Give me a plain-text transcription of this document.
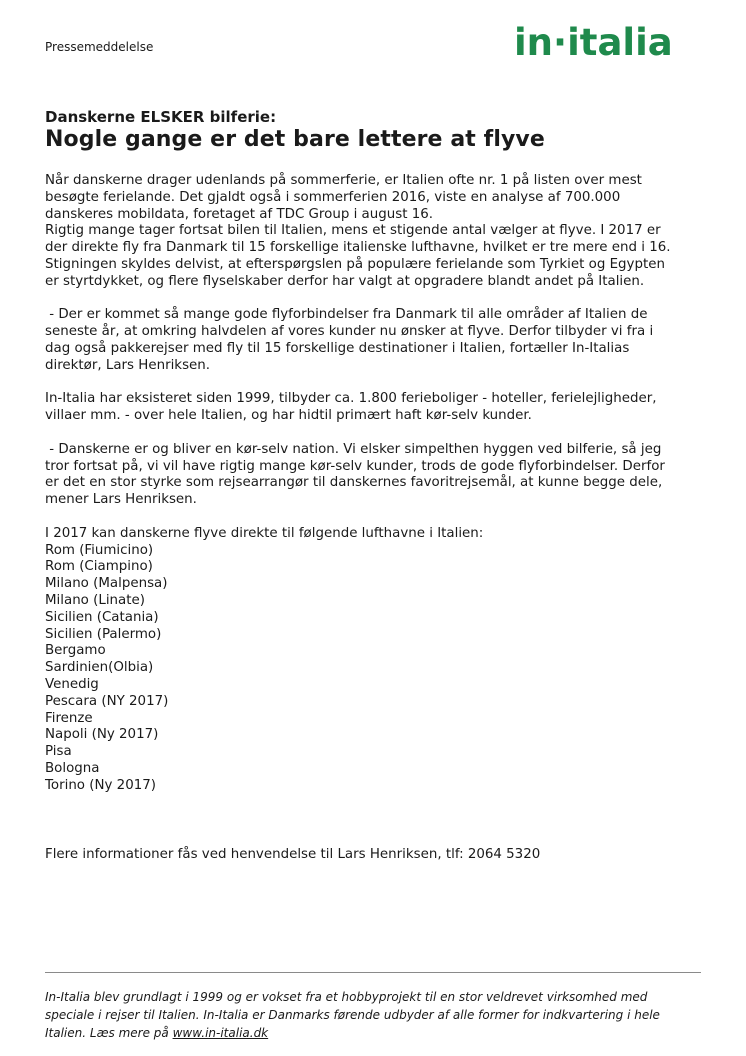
Pressemeddelelse	in·italia
Danskerne ELSKER bilferie:
Nogle gange er det bare lettere at flyve

Når danskerne drager udenlands på sommerferie, er Italien ofte nr. 1 på listen over mest
besøgte ferielande. Det gjaldt også i sommerferien 2016, viste en analyse af 700.000
danskeres mobildata, foretaget af TDC Group i august 16.
Rigtig mange tager fortsat bilen til Italien, mens et stigende antal vælger at flyve. I 2017 er
der direkte fly fra Danmark til 15 forskellige italienske lufthavne, hvilket er tre mere end i 16.
Stigningen skyldes delvist, at efterspørgslen på populære ferielande som Tyrkiet og Egypten
er styrtdykket, og flere flyselskaber derfor har valgt at opgradere blandt andet på Italien.

- Der er kommet så mange gode flyforbindelser fra Danmark til alle områder af Italien de
seneste år, at omkring halvdelen af vores kunder nu ønsker at flyve. Derfor tilbyder vi fra i
dag også pakkerejser med fly til 15 forskellige destinationer i Italien, fortæller In-Italias
direktør, Lars Henriksen.

In-Italia har eksisteret siden 1999, tilbyder ca. 1.800 ferieboliger - hoteller, ferielejligheder,
villaer mm. - over hele Italien, og har hidtil primært haft kør-selv kunder.

- Danskerne er og bliver en kør-selv nation. Vi elsker simpelthen hyggen ved bilferie, så jeg
tror fortsat på, vi vil have rigtig mange kør-selv kunder, trods de gode flyforbindelser. Derfor
er det en stor styrke som rejsearrangør til danskernes favoritrejsemål, at kunne begge dele,
mener Lars Henriksen.

I 2017 kan danskerne flyve direkte til følgende lufthavne i Italien:
Rom (Fiumicino)
Rom (Ciampino)
Milano (Malpensa)
Milano (Linate)
Sicilien (Catania)
Sicilien (Palermo)
Bergamo
Sardinien(Olbia)
Venedig
Pescara (NY 2017)
Firenze
Napoli (Ny 2017)
Pisa
Bologna
Torino (Ny 2017)
Flere informationer fås ved henvendelse til Lars Henriksen, tlf: 2064 5320
In-Italia blev grundlagt i 1999 og er vokset fra et hobbyprojekt til en stor veldrevet virksomhed med
speciale i rejser til Italien. In-Italia er Danmarks førende udbyder af alle former for indkvartering i hele
Italien. Læs mere på www.in-italia.dk
